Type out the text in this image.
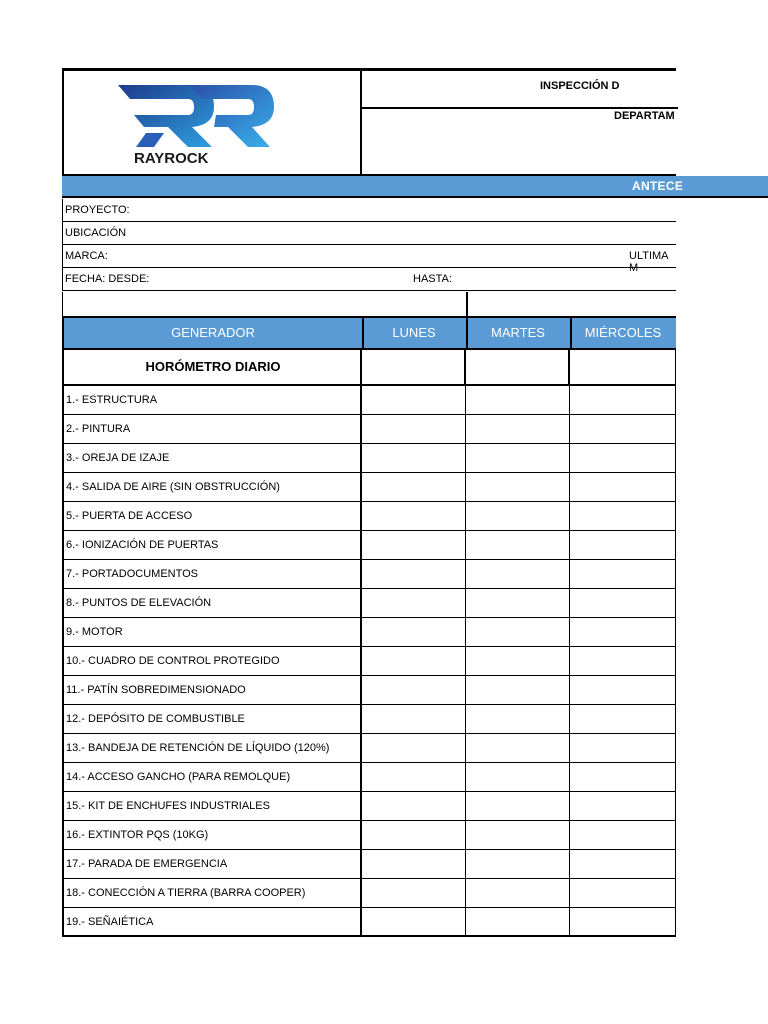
RAYROCK
INSPECCIÓN D
DEPARTAM
ANTECE
PROYECTO:
UBICACIÓN
MARCA:	ULTIMA M
FECHA: DESDE:	HASTA:
GENERADOR	LUNES	MARTES	MIÉRCOLES
HORÓMETRO DIARIO
1.- ESTRUCTURA
2.- PINTURA
3.- OREJA DE IZAJE
4.- SALIDA DE AIRE (SIN OBSTRUCCIÓN)
5.- PUERTA DE ACCESO
6.- IONIZACIÓN DE PUERTAS
7.- PORTADOCUMENTOS
8.- PUNTOS DE ELEVACIÓN
9.- MOTOR
10.- CUADRO DE CONTROL PROTEGIDO
11.- PATÍN SOBREDIMENSIONADO
12.- DEPÓSITO DE COMBUSTIBLE
13.- BANDEJA DE RETENCIÓN DE LÍQUIDO (120%)
14.- ACCESO GANCHO (PARA REMOLQUE)
15.- KIT DE ENCHUFES INDUSTRIALES
16.- EXTINTOR PQS (10KG)
17.- PARADA DE EMERGENCIA
18.- CONECCIÓN A TIERRA (BARRA COOPER)
19.- SEÑAIÉTICA
